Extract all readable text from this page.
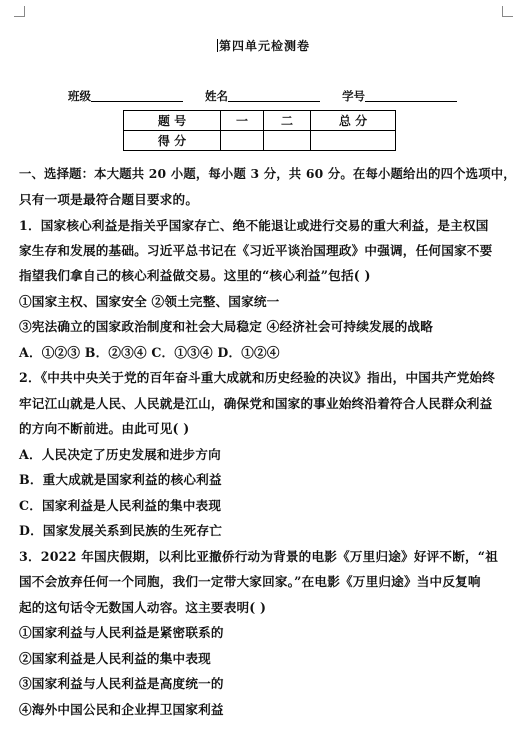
第四单元检测卷
班级	姓名	学号
题 号	一	二	总 分
得 分			
一、选择题：本大题共 20 小题，每小题 3 分，共 60 分。在每小题给出的四个选项中，
只有一项是最符合题目要求的。
1．国家核心利益是指关乎国家存亡、绝不能退让或进行交易的重大利益，是主权国
家生存和发展的基础。习近平总书记在《习近平谈治国理政》中强调，任何国家不要
指望我们拿自己的核心利益做交易。这里的“核心利益”包括( )
①国家主权、国家安全 ②领土完整、国家统一
③宪法确立的国家政治制度和社会大局稳定 ④经济社会可持续发展的战略
A．①②③ B．②③④ C．①③④ D．①②④
2．《中共中央关于党的百年奋斗重大成就和历史经验的决议》指出，中国共产党始终
牢记江山就是人民、人民就是江山，确保党和国家的事业始终沿着符合人民群众利益
的方向不断前进。由此可见( )
A．人民决定了历史发展和进步方向
B．重大成就是国家利益的核心利益
C．国家利益是人民利益的集中表现
D．国家发展关系到民族的生死存亡
3．2022 年国庆假期，以利比亚撤侨行动为背景的电影《万里归途》好评不断，“祖
国不会放弃任何一个同胞，我们一定带大家回家。”在电影《万里归途》当中反复响
起的这句话令无数国人动容。这主要表明( )
①国家利益与人民利益是紧密联系的
②国家利益是人民利益的集中表现
③国家利益与人民利益是高度统一的
④海外中国公民和企业捍卫国家利益
